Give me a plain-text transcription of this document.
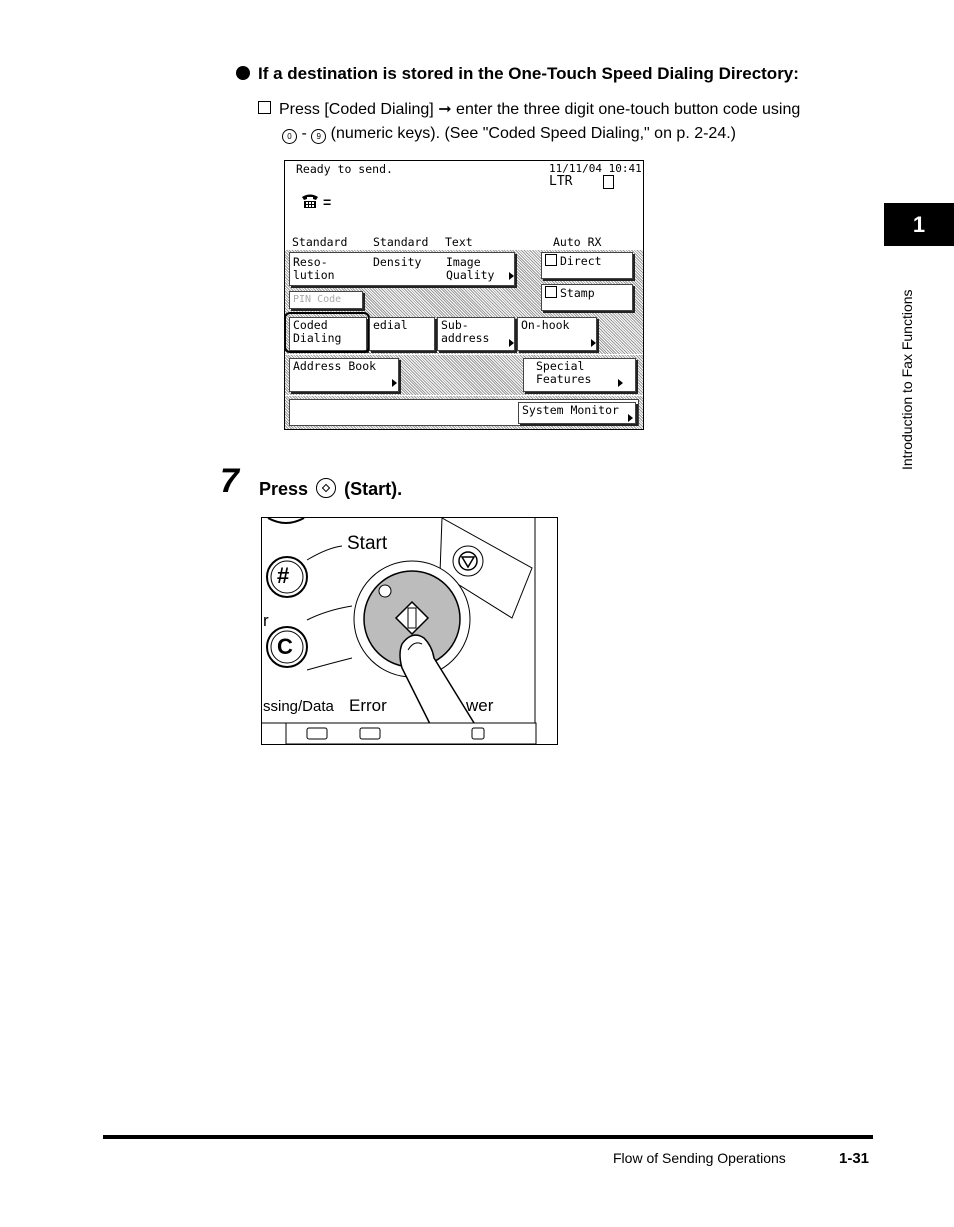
If a destination is stored in the One-Touch Speed Dialing Directory:
Press [Coded Dialing] ➞ enter the three digit one-touch button code using
0 - 9 (numeric keys). (See "Coded Speed Dialing," on p. 2-24.)
Ready to send.	11/11/04 10:41
LTR
=
Standard Standard Text	Auto RX
Reso-
lution
Density Image
Quality
Direct
Stamp
PIN Code
Coded
Dialing
edial	Sub-
address
On-hook
Address Book	Special
Features
System Monitor
7 Press (Start).
Start
#
C
r
ssing/Data Error	wer
1
Introduction to Fax Functions
Flow of Sending Operations	1-31
